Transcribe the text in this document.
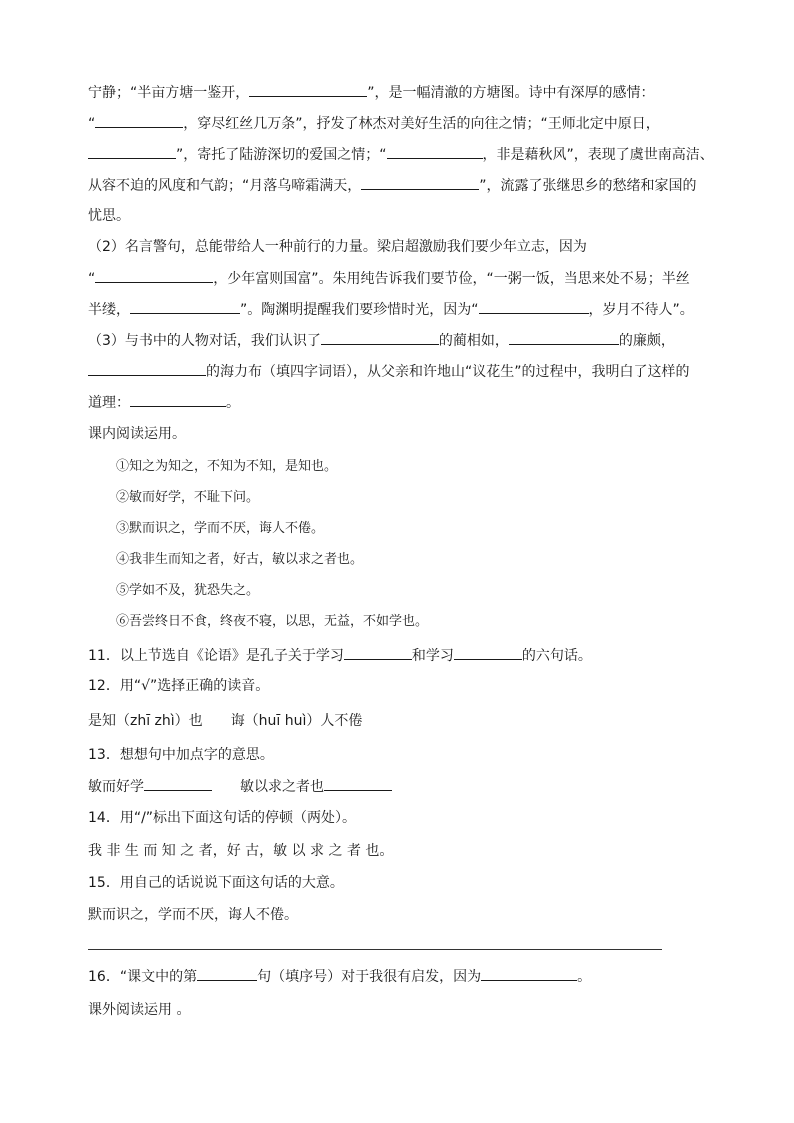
宁静；“半亩方塘一鉴开，	”，是一幅清澈的方塘图。诗中有深厚的感情：
“	，穿尽红丝几万条”，抒发了林杰对美好生活的向往之情；“王师北定中原日，
”，寄托了陆游深切的爱国之情；“	，非是藉秋风”，表现了虞世南高洁、
从容不迫的风度和气韵；“月落乌啼霜满天，	”，流露了张继思乡的愁绪和家国的
忧思。
（2）名言警句，总能带给人一种前行的力量。梁启超激励我们要少年立志，因为
“	，少年富则国富”。朱用纯告诉我们要节俭，“一粥一饭，当思来处不易；半丝
半缕，	”。陶渊明提醒我们要珍惜时光，因为“	，岁月不待人”。
（3）与书中的人物对话，我们认识了	的蔺相如，	的廉颇，
的海力布（填四字词语），从父亲和许地山“议花生”的过程中，我明白了这样的
道理：	。
课内阅读运用。
①知之为知之，不知为不知，是知也。
②敏而好学，不耻下问。
③默而识之，学而不厌，诲人不倦。
④我非生而知之者，好古，敏以求之者也。
⑤学如不及，犹恐失之。
⑥吾尝终日不食，终夜不寝，以思，无益，不如学也。
11．以上节选自《论语》是孔子关于学习	和学习	的六句话。
12．用“√”选择正确的读音。
是知（zhī zhì）也 诲（huī huì）人不倦
13．想想句中加点字的意思。
敏而好学	敏以求之者也
14．用“/”标出下面这句话的停顿（两处）。
我 非 生 而 知 之 者，好 古，敏 以 求 之 者 也。
15．用自己的话说说下面这句话的大意。
默而识之，学而不厌，诲人不倦。
16．“课文中的第	句（填序号）对于我很有启发，因为	。
课外阅读运用 。
